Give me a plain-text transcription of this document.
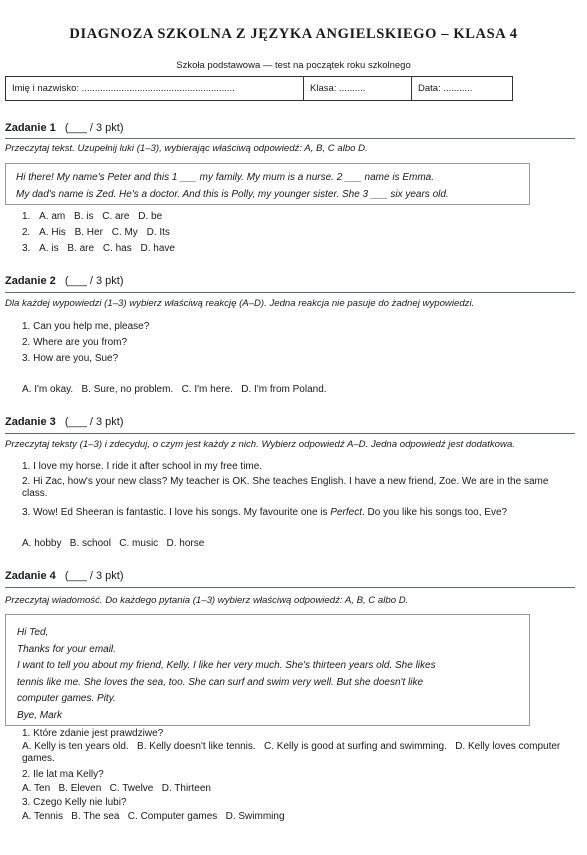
DIAGNOZA SZKOLNA Z JĘZYKA ANGIELSKIEGO – KLASA 4
Szkoła podstawowa — test na początek roku szkolnego
Imię i nazwisko: ..........................................................	Klasa: ..........	Data: ...........
Zadanie 1 (___ / 3 pkt)
Przeczytaj tekst. Uzupełnij luki (1–3), wybierając właściwą odpowiedź: A, B, C albo D.
Hi there! My name's Peter and this 1 ___ my family. My mum is a nurse. 2 ___ name is Emma.
My dad's name is Zed. He's a doctor. And this is Polly, my younger sister. She 3 ___ six years old.
1. A. am B. is C. are D. be
2. A. His B. Her C. My D. Its
3. A. is B. are C. has D. have
Zadanie 2 (___ / 3 pkt)
Dla każdej wypowiedzi (1–3) wybierz właściwą reakcję (A–D). Jedna reakcja nie pasuje do żadnej wypowiedzi.
1. Can you help me, please?
2. Where are you from?
3. How are you, Sue?
A. I'm okay.   B. Sure, no problem.   C. I'm here.   D. I'm from Poland.
Zadanie 3 (___ / 3 pkt)
Przeczytaj teksty (1–3) i zdecyduj, o czym jest każdy z nich. Wybierz odpowiedź A–D. Jedna odpowiedź jest dodatkowa.
1. I love my horse. I ride it after school in my free time.
2. Hi Zac, how's your new class? My teacher is OK. She teaches English. I have a new friend, Zoe. We are in the same class.
3. Wow! Ed Sheeran is fantastic. I love his songs. My favourite one is Perfect. Do you like his songs too, Eve?
A. hobby   B. school   C. music   D. horse
Zadanie 4 (___ / 3 pkt)
Przeczytaj wiadomość. Do każdego pytania (1–3) wybierz właściwą odpowiedź: A, B, C albo D.
Hi Ted,
Thanks for your email.
I want to tell you about my friend, Kelly. I like her very much. She's thirteen years old. She likes
tennis like me. She loves the sea, too. She can surf and swim very well. But she doesn't like
computer games. Pity.
Bye, Mark
1. Które zdanie jest prawdziwe?
A. Kelly is ten years old.   B. Kelly doesn't like tennis.   C. Kelly is good at surfing and swimming.   D. Kelly loves computer games.
2. Ile lat ma Kelly?
A. Ten   B. Eleven   C. Twelve   D. Thirteen
3. Czego Kelly nie lubi?
A. Tennis   B. The sea   C. Computer games   D. Swimming
